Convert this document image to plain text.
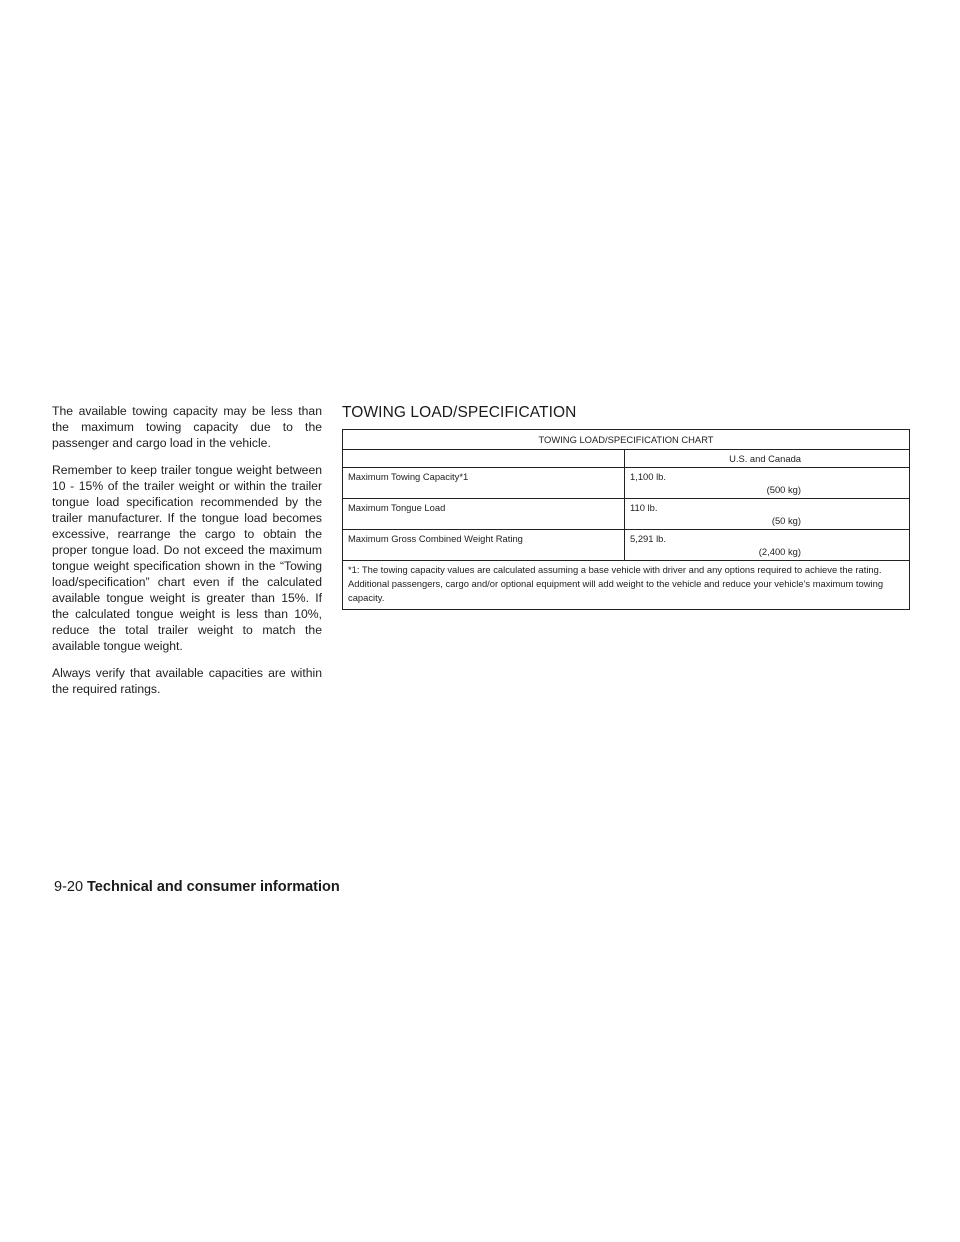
The available towing capacity may be less than the maximum towing capacity due to the passenger and cargo load in the vehicle.

Remember to keep trailer tongue weight between 10 - 15% of the trailer weight or within the trailer tongue load specification recommended by the trailer manufacturer. If the tongue load becomes excessive, rearrange the cargo to obtain the proper tongue load. Do not exceed the maximum tongue weight specification shown in the “Towing load/specification” chart even if the calculated available tongue weight is greater than 15%. If the calculated tongue weight is less than 10%, reduce the total trailer weight to match the available tongue weight.

Always verify that available capacities are within the required ratings.

TOWING LOAD/SPECIFICATION
TOWING LOAD/SPECIFICATION CHART	
	U.S. and Canada
Maximum Towing Capacity*1	1,100 lb.
(500 kg)

Maximum Tongue Load	110 lb.
(50 kg)

Maximum Gross Combined Weight Rating	5,291 lb.
(2,400 kg)

*1: The towing capacity values are calculated assuming a base vehicle with driver and any options required to achieve the rating. Additional passengers, cargo and/or optional equipment will add weight to the vehicle and reduce your vehicle’s maximum towing capacity.	
9-20 Technical and consumer information
